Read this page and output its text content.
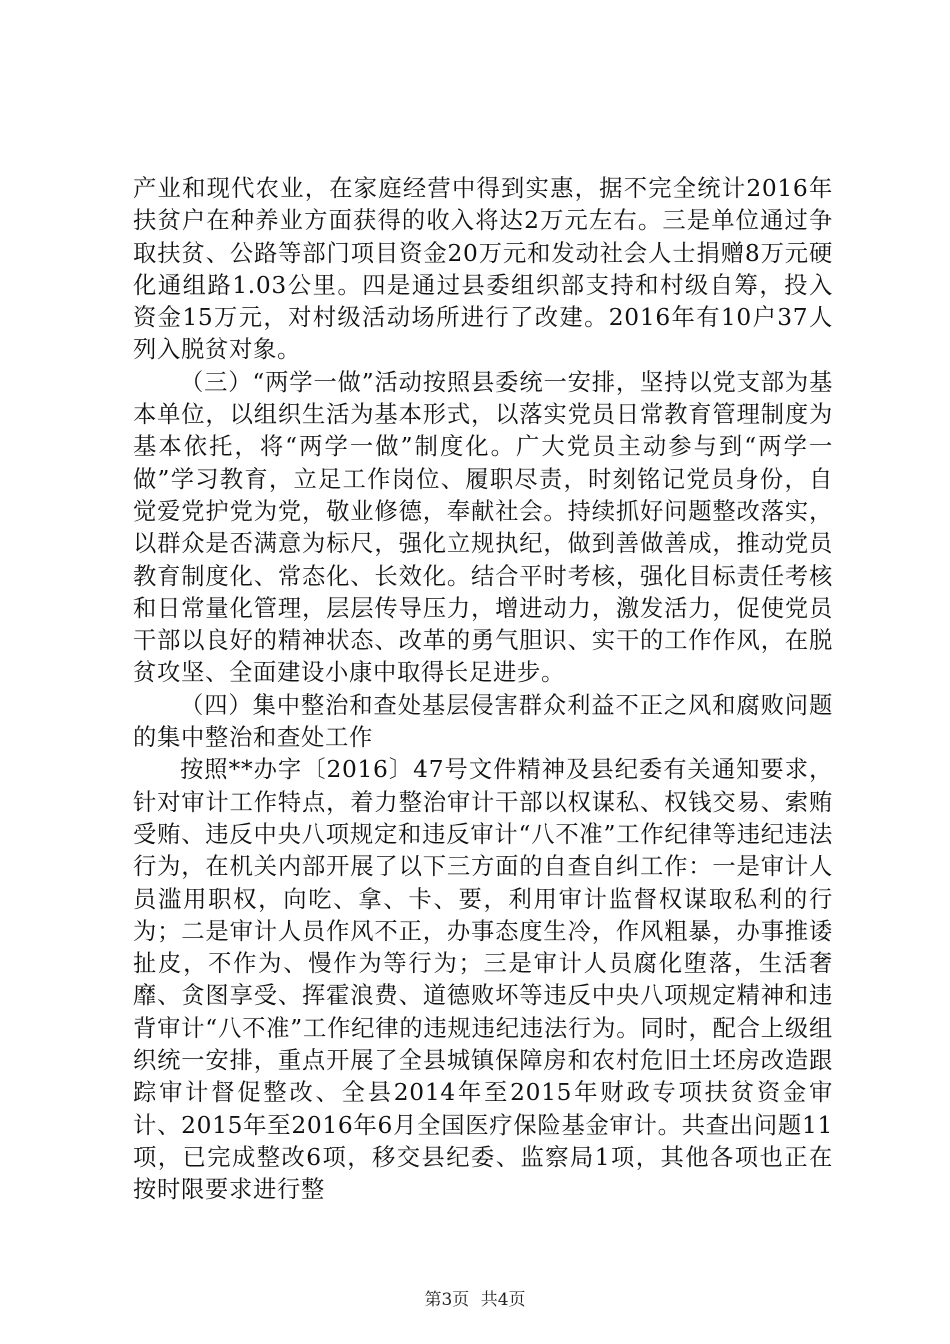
产业和现代农业，在家庭经营中得到实惠，据不完全统计2016年扶贫户在种养业方面获得的收入将达2万元左右。三是单位通过争取扶贫、公路等部门项目资金20万元和发动社会人士捐赠8万元硬化通组路1.03公里。四是通过县委组织部支持和村级自筹，投入资金15万元，对村级活动场所进行了改建。2016年有10户37人列入脱贫对象。

（三）“两学一做”活动按照县委统一安排，坚持以党支部为基本单位，以组织生活为基本形式，以落实党员日常教育管理制度为基本依托，将“两学一做”制度化。广大党员主动参与到“两学一做”学习教育，立足工作岗位、履职尽责，时刻铭记党员身份，自觉爱党护党为党，敬业修德，奉献社会。持续抓好问题整改落实，以群众是否满意为标尺，强化立规执纪，做到善做善成，推动党员教育制度化、常态化、长效化。结合平时考核，强化目标责任考核和日常量化管理，层层传导压力，增进动力，激发活力，促使党员干部以良好的精神状态、改革的勇气胆识、实干的工作作风，在脱贫攻坚、全面建设小康中取得长足进步。

（四）集中整治和查处基层侵害群众利益不正之风和腐败问题的集中整治和查处工作

按照**办字〔2016〕47号文件精神及县纪委有关通知要求，针对审计工作特点，着力整治审计干部以权谋私、权钱交易、索贿受贿、违反中央八项规定和违反审计“八不准”工作纪律等违纪违法行为，在机关内部开展了以下三方面的自查自纠工作：一是审计人员滥用职权，向吃、拿、卡、要，利用审计监督权谋取私利的行为；二是审计人员作风不正，办事态度生冷，作风粗暴，办事推诿扯皮，不作为、慢作为等行为；三是审计人员腐化堕落，生活奢靡、贪图享受、挥霍浪费、道德败坏等违反中央八项规定精神和违背审计“八不准”工作纪律的违规违纪违法行为。同时，配合上级组织统一安排，重点开展了全县城镇保障房和农村危旧土坯房改造跟踪审计督促整改、全县2014年至2015年财政专项扶贫资金审计、2015年至2016年6月全国医疗保险基金审计。共查出问题11项，已完成整改6项，移交县纪委、监察局1项，其他各项也正在按时限要求进行整

第3页 共4页
